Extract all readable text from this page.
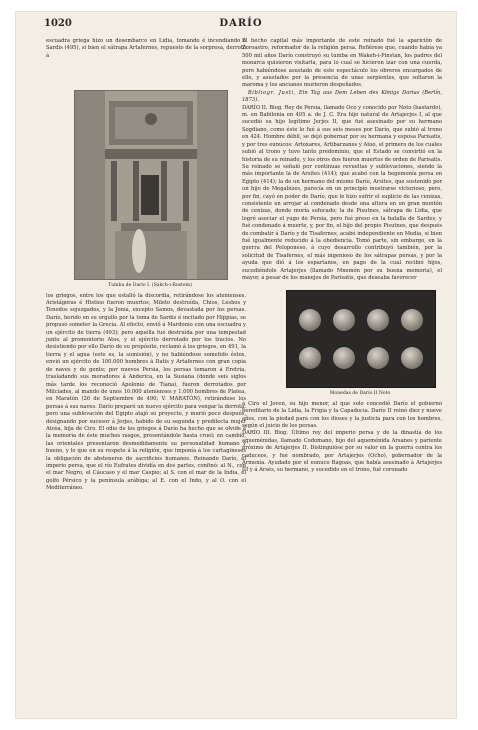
1020	DARÍO

escuadra griega hizo un desembarco en Lidia, tomando é incendiando á Sardis (495), si bien el sátrapa Artafernes, repuesto de la sorpresa, derrotó á

Tumba de Darío I. (Sakch-i-Rustem)

los griegos, entre los que estalló la discordia, retirándose los atenienses. Aristágoras é Histieo fueron muertos, Mileto destruída, Chios, Lesbos y Tenedos sojuzgados, y la Jonia, excepto Samos, devastada por los persas. Darío, herido en su orgullo por la toma de Sardis é incitado por Hippias, se propuso someter la Grecia. Al efecto, envió á Mardonio con una escuadra y un ejército de tierra (493); pero aquélla fué destruída por una tempestad junto al promontorio Atos, y el ejército derrotado por los tracios. No desistiendo por ello Darío de su propósito, reclamó á los griegos, en 491, la tierra y el agua (esto es, la sumisión), y no habiéndose sometido éstos, envió un ejército de 100.000 hombres á Datis y Artafernes con gran copia de naves y de gente; por nuevos Persia, los persas tomaron á Eretria, trasladando sus moradores á Anderica, en la Susiana (donde seis siglos más tarde los reconoció Apolonio de Tiana), fueron derrotados por Milcíades, al mando de unos 10.000 atenienses y 1.000 hombres de Platea, en Maratón (26 de Septiembre de 490; V. MARATÓN), retirándose los persas á sus naves. Darío preparó un nuevo ejército para vengar la derrota; pero una sublevación del Egipto atajó su proyecto, y murió poco después, designando por sucesor á Jerjes, habido de su segunda y predilecta mujer Atosa, hija de Ciro. El odio de los griegos á Darío ha hecho que se olvide á la memoria de éste muchos rasgos, presentándole hasta cruel; en cambio, las orientales presentaron desmedidamente su personalidad humano y bueno, y lo que en su respeto á la religión, que imponía á los cartagineses la obligación de abstenerse de sacrificios humanos. Reinando Darío, el imperio persa, que el río Eufrates dividía en dos partes, confinó: al N., con el mar Negro, el Cáucaso y el mar Caspio; al S. con el mar de la India, el golfo Pérsico y la península arábiga; al E. con el Indo, y al O. con el Mediterráneo.

El hecho capital más importante de este reinado fué la aparición de Zoroastro, reformador de la religión persa. Refiérese que, cuando había ya 500 mil años Darío construyó su tumba en Wakeh-i-Pinstan, los padres del monarca quisieron visitarla, para lo cual se hicieron izar con una cuerda, pero habiéndose asustado de este espectáculo los obreros encargados de ello, y asustados por la presencia de unas serpientes, que soltaron la maroma y los ancianos murieron despeñados.

Bibliogr. Justi, Ein Tag aus Dem Leben des Königs Darius (Berlín, 1873).

DARÍO II. Biog. Rey de Persia, llamado Oco y conocido por Noto (bastardo), m. en Babilonia en 405 a. de J. C. Era hijo natural de Artajerjes I, al que sucedió su hijo legítimo Jerjes II, que fué asesinado por su hermano Sogdiano, como éste lo fué á sus seis meses por Darío, que subió al trono en 424. Hombre débil, se dejó gobernar por su hermana y esposa Parisatis, y por tres eunucos: Artoxares, Artibarzanes y Atoo, el primero de los cuales subió al trono y tuvo tanto predominio, que el Estado se convirtió en la historia de su reinado, y los otros dos fueron muertos de orden de Parisatis. Su reinado se señaló por continuas revueltas y sublevaciones, siendo la más importante la de Arsites (414); que acabó con la hegemonía persa en Egipto (414); la de un hermano del mismo Darío, Arsites, que sostenido por un hijo de Megabizes, parecía en un principio mostrarse victorioso, pero, por fin, cayó en poder de Darío, que le hizo sufrir el suplicio de las cenizas, consistente en arrojar al condenado desde una altura en un gran montón de cenizas, donde moría sofocado; la de Pisutnes, sátrapa de Lidia, que logró asociar el yugo de Persia, pero fué preso en la batalla de Sardes, y fué condenado á muerte, y, por fin, el hijo del propio Pisutnes, que después de combatir á Darío y de Tisafernes, acabó independiente en Media, si bien fué igualmente reducido á la obediencia. Tomó parte, sin embargo, en la guerra del Peloponeso, á cuyo desarrollo contribuyó también, por la solicitud de Tisafernes, el más ingenioso de los sátrapas persas, y por la ayuda que dió á los espartanos, en pago de la cual recibió hijos, sucediéndole Artajerjes (llamado Mnemón por su buena memoria), el mayor, á pesar de los manejos de Parisatis, que deseaba favorecer

Monedas de Darío II Noto

á Ciro el Joven, su hijo menor, al que solo concedió Darío el gobierno hereditario de la Lidia, la Frigia y la Capadocia. Darío II reinó diez y nueve años, con la piedad para con los dioses y la justicia para con los hombres, según el juicio de los persas.

DARÍO III. Biog. Último rey del imperio persa y de la dinastía de los aqueménidas, llamado Codomano, hijo del aqueménida Arsanes y pariente próximo de Artajerjes II. Distinguióse por su valor en la guerra contra los caduceos, y fué nombrado, por Artajerjes (Ocho), gobernador de la Armenia. Ayudado por el eunuco Bagoas, que había asesinado á Artajerjes III y á Arsés, su hermano, y sucedido en el trono, fué coronado
